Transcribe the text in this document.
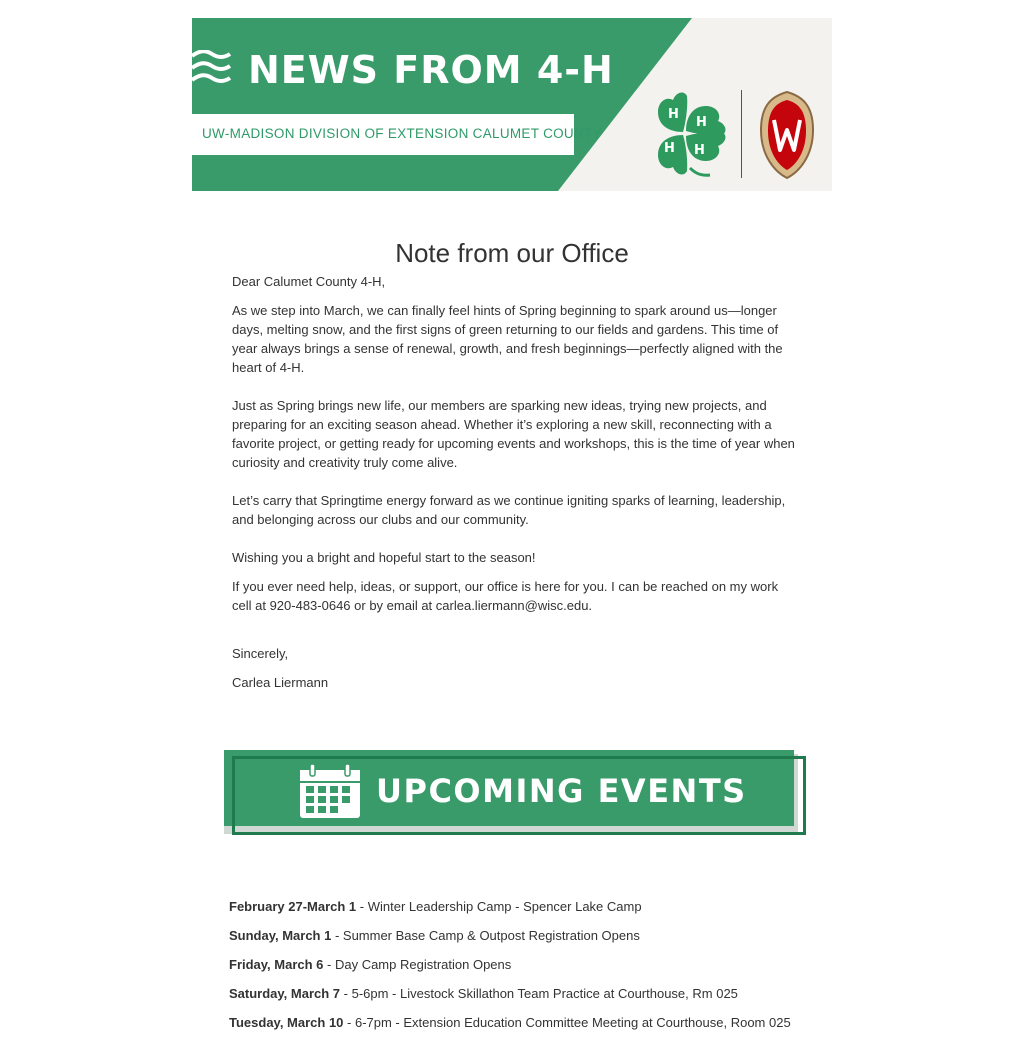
NEWS FROM 4-H
UW-MADISON DIVISION OF EXTENSION CALUMET COUNTY
H
H
H H
Note from our Office

Dear Calumet County 4-H,

As we step into March, we can finally feel hints of Spring beginning to spark around us—longer days, melting snow, and the first signs of green returning to our fields and gardens. This time of year always brings a sense of renewal, growth, and fresh beginnings—perfectly aligned with the heart of 4-H.

Just as Spring brings new life, our members are sparking new ideas, trying new projects, and preparing for an exciting season ahead. Whether it’s exploring a new skill, reconnecting with a favorite project, or getting ready for upcoming events and workshops, this is the time of year when curiosity and creativity truly come alive.

Let’s carry that Springtime energy forward as we continue igniting sparks of learning, leadership, and belonging across our clubs and our community.

Wishing you a bright and hopeful start to the season!

If you ever need help, ideas, or support, our office is here for you. I can be reached on my work cell at 920-483-0646 or by email at carlea.liermann@wisc.edu.

Sincerely,

Carlea Liermann

UPCOMING EVENTS
February 27-March 1 - Winter Leadership Camp - Spencer Lake Camp
Sunday, March 1 - Summer Base Camp & Outpost Registration Opens
Friday, March 6 - Day Camp Registration Opens
Saturday, March 7 - 5-6pm - Livestock Skillathon Team Practice at Courthouse, Rm 025
Tuesday, March 10 - 6-7pm - Extension Education Committee Meeting at Courthouse, Room 025
